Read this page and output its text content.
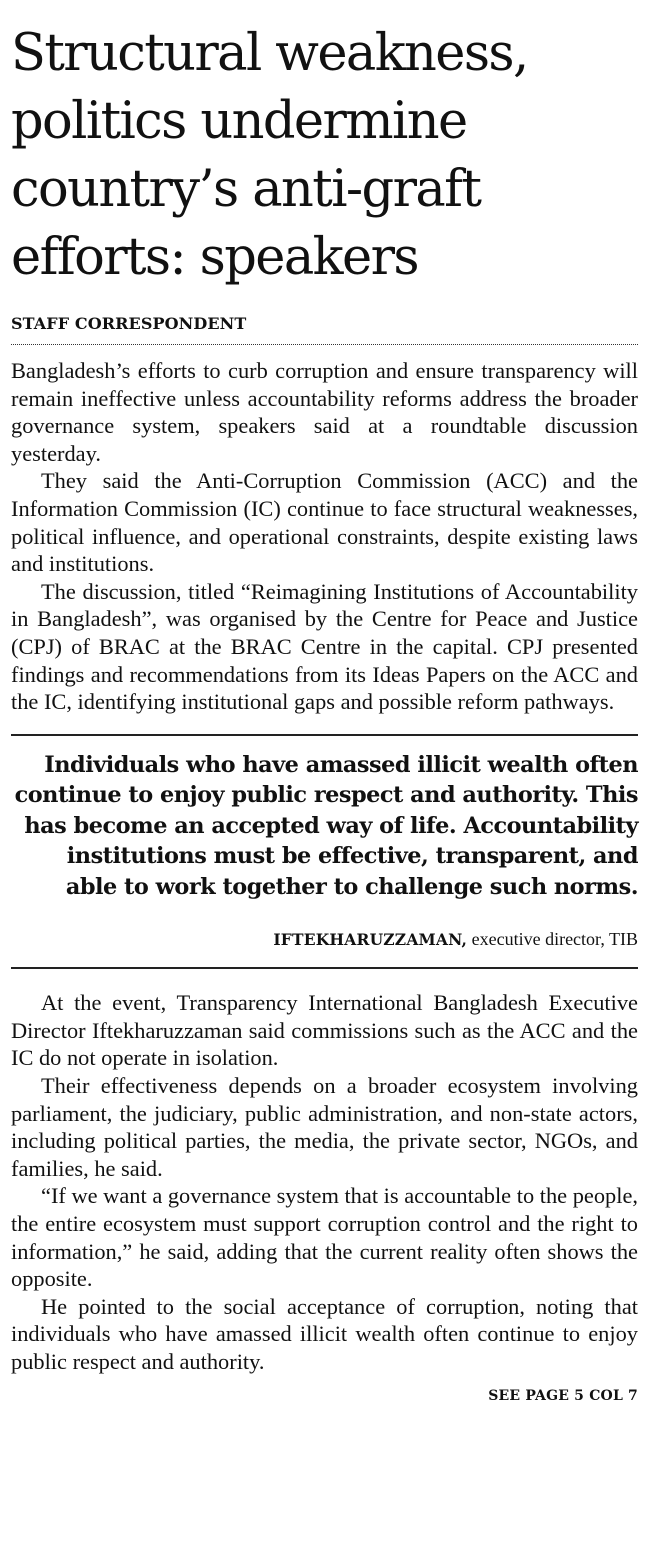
Structural weakness, politics undermine country’s anti-graft efforts: speakers
STAFF CORRESPONDENT

Bangladesh’s efforts to curb corruption and ensure transparency will remain ineffective unless accountability reforms address the broader governance system, speakers said at a roundtable discussion yesterday.

They said the Anti-Corruption Commission (ACC) and the Information Commission (IC) continue to face structural weaknesses, political influence, and operational constraints, despite existing laws and institutions.

The discussion, titled “Reimagining Institutions of Accountability in Bangladesh”, was organised by the Centre for Peace and Justice (CPJ) of BRAC at the BRAC Centre in the capital. CPJ presented findings and recommendations from its Ideas Papers on the ACC and the IC, identifying institutional gaps and possible reform pathways.

Individuals who have amassed illicit wealth often continue to enjoy public respect and authority. This has become an accepted way of life. Accountability institutions must be effective, transparent, and able to work together to challenge such norms.
IFTEKHARUZZAMAN, executive director, TIB

At the event, Transparency International Bangladesh Executive Director Iftekharuzzaman said commissions such as the ACC and the IC do not operate in isolation.

Their effectiveness depends on a broader ecosystem involving parliament, the judiciary, public administration, and non-state actors, including political parties, the media, the private sector, NGOs, and families, he said.

“If we want a governance system that is accountable to the people, the entire ecosystem must support corruption control and the right to information,” he said, adding that the current reality often shows the opposite.

He pointed to the social acceptance of corruption, noting that individuals who have amassed illicit wealth often continue to enjoy public respect and authority.

SEE PAGE 5 COL 7
